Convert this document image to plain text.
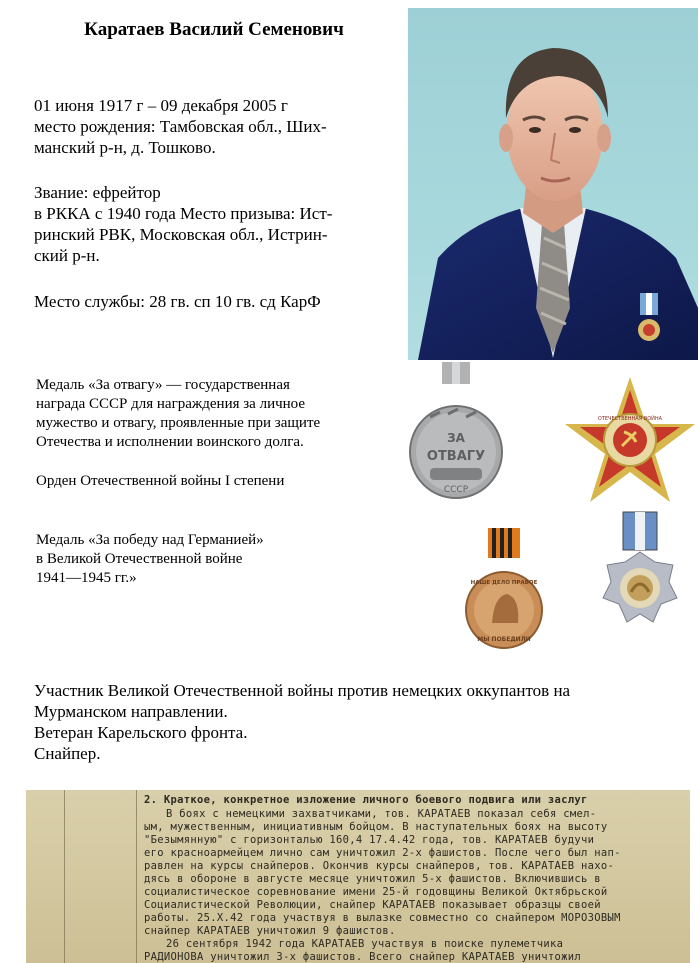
Каратаев Василий Семенович

01 июня 1917 г – 09 декабря 2005 г

место рождения: Тамбовская обл., Ших-

манский р-н, д. Тошково.

Звание: ефрейтор

в РККА с 1940 года Место призыва: Ист-

ринский РВК, Московская обл., Истрин-

ский р-н.

Место службы: 28 гв. сп 10 гв. сд КарФ

Медаль «За отвагу» — государственная

награда СССР для награждения за личное

мужество и отвагу, проявленные при защите

Отечества и исполнении воинского долга.

Орден Отечественной войны I степени

Медаль «За победу над Германией»

в Великой Отечественной войне

1941—1945 гг.»

ЗА
ОТВАГУ
СССР
ОТЕЧЕСТВЕННАЯ ВОЙНА
НАШЕ ДЕЛО ПРАВОЕ
МЫ ПОБЕДИЛИ

Участник Великой Отечественной войны против немецких оккупантов на

Мурманском направлении.

Ветеран Карельского фронта.

Снайпер.

2. Краткое, конкретное изложение личного боевого подвига или заслуг
В боях с немецкими захватчиками, тов. КАРАТАЕВ показал себя смел-
ым, мужественным, инициативным бойцом. В наступательных боях на высоту
"Безымянную" с горизонталью 160,4 17.4.42 года, тов. КАРАТАЕВ будучи
его красноармейцем лично сам уничтожил 2-х фашистов. После чего был нап-
равлен на курсы снайперов. Окончив курсы снайперов, тов. КАРАТАЕВ нахо-
дясь в обороне в августе месяце уничтожил 5-х фашистов. Включившись в
социалистическое соревнование имени 25-й годовщины Великой Октябрьской
Социалистической Революции, снайпер КАРАТАЕВ показывает образцы своей
работы. 25.Х.42 года участвуя в вылазке совместно со снайпером МОРОЗОВЫМ
снайпер КАРАТАЕВ уничтожил 9 фашистов.
26 сентября 1942 года КАРАТАЕВ участвуя в поиске пулеметчика
РАДИОНОВА уничтожил 3-х фашистов. Всего снайпер КАРАТАЕВ уничтожил
